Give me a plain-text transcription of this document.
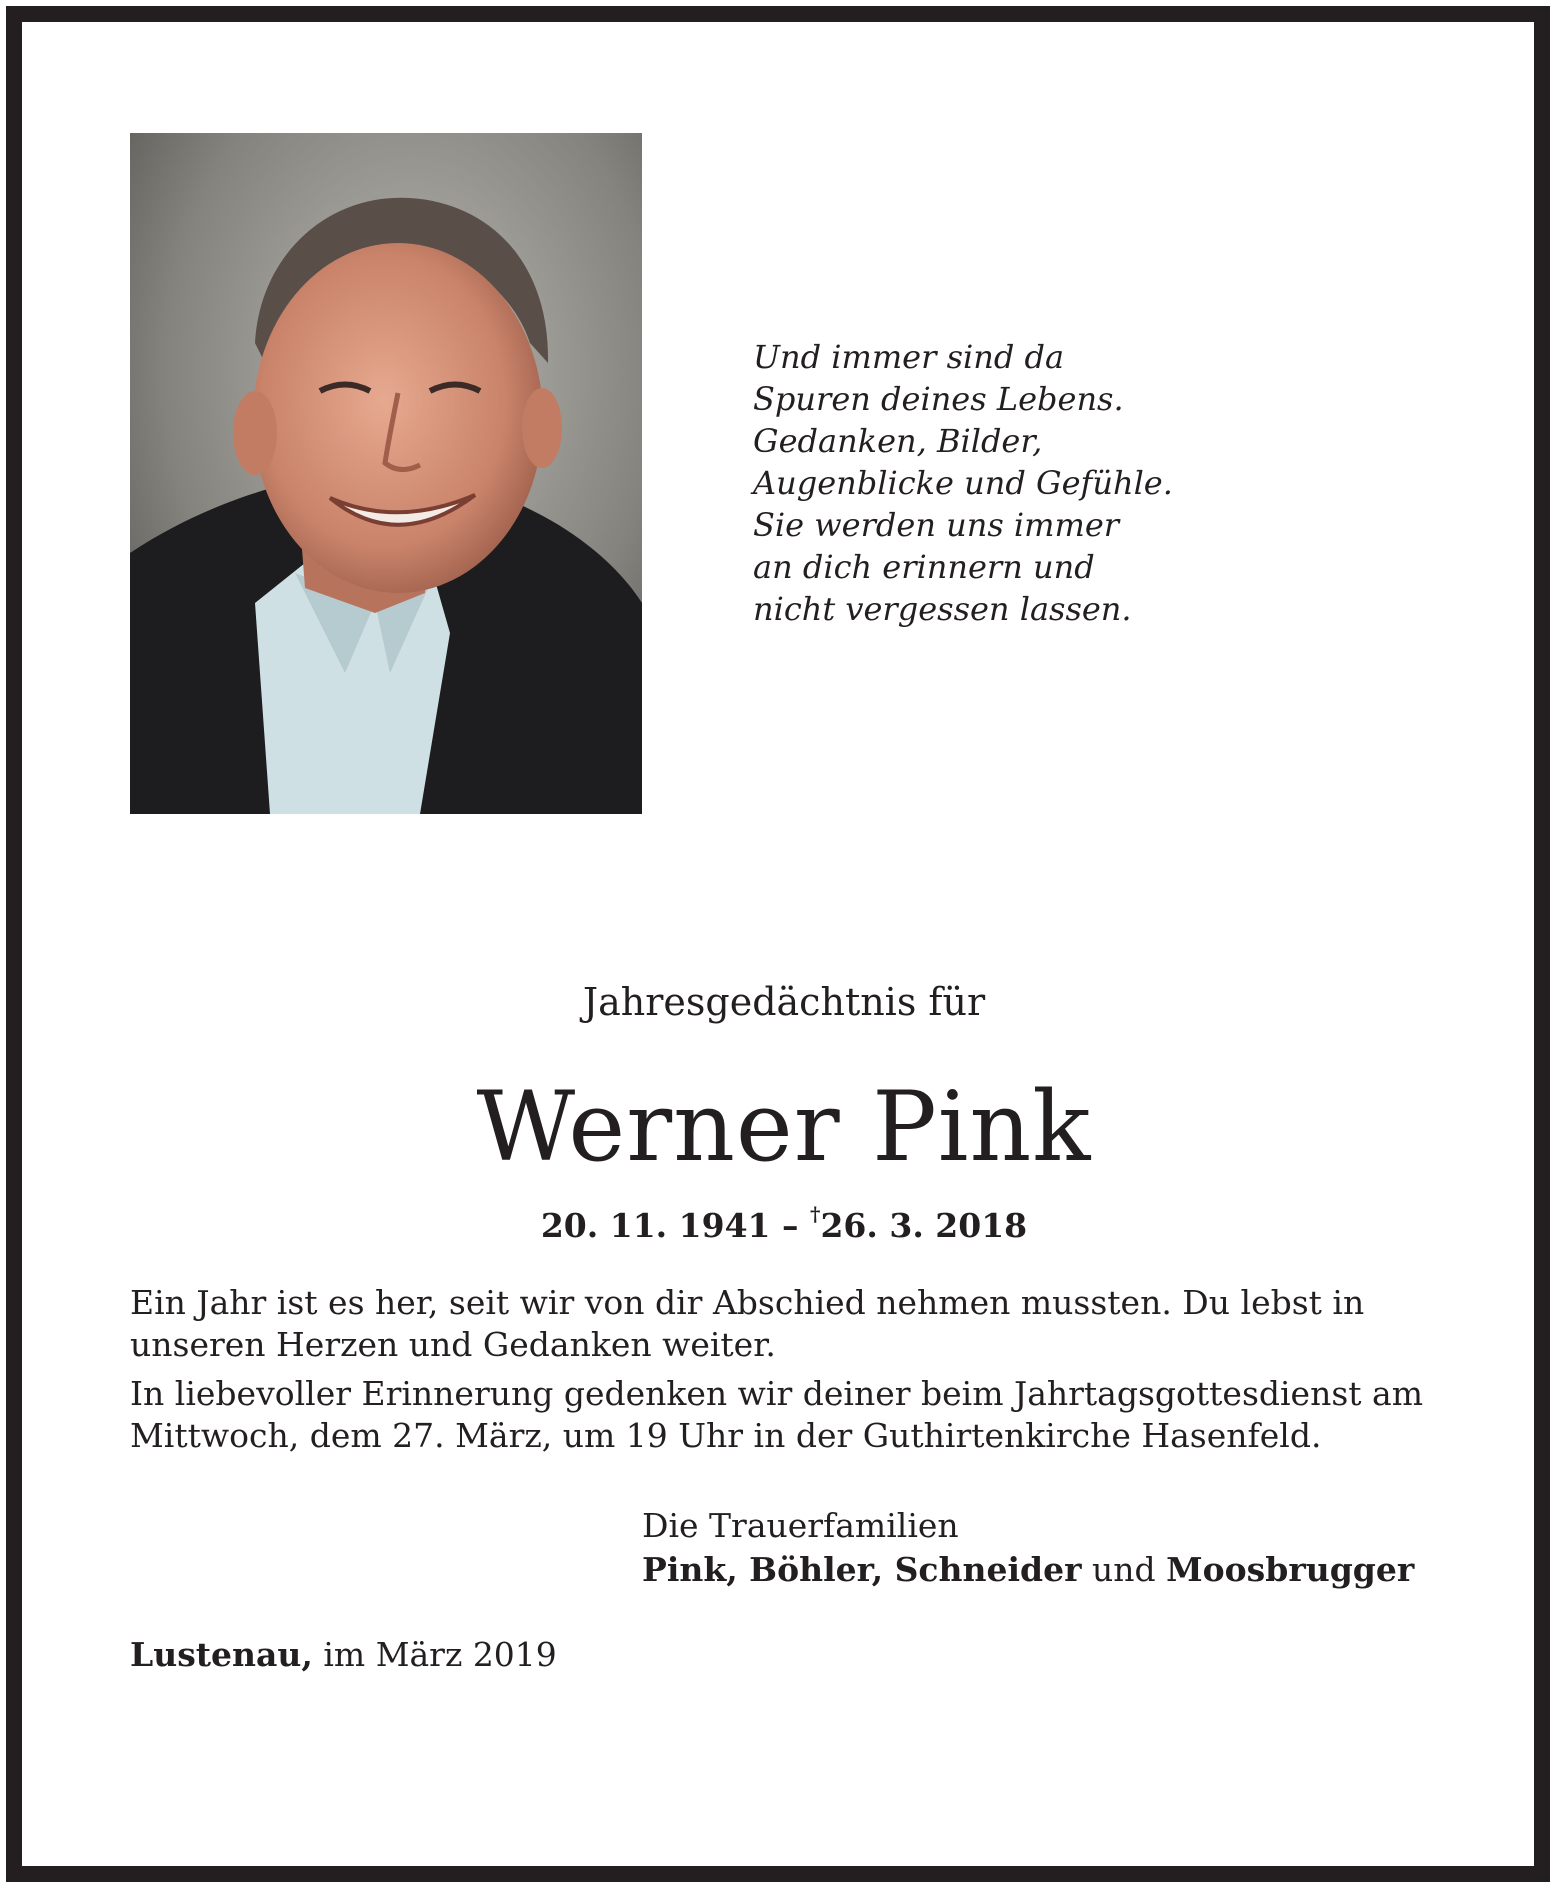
Und immer sind da
Spuren deines Lebens.
Gedanken, Bilder,
Augenblicke und Gefühle.
Sie werden uns immer
an dich erinnern und
nicht vergessen lassen.
Jahresgedächtnis für
Werner Pink
20. 11. 1941 – †26. 3. 2018

Ein Jahr ist es her, seit wir von dir Abschied nehmen mussten. Du lebst in unseren Herzen und Gedanken weiter.

In liebevoller Erinnerung gedenken wir deiner beim Jahrtagsgottesdienst am Mittwoch, dem 27. März, um 19 Uhr in der Guthirtenkirche Hasenfeld.

Die Trauerfamilien
Pink, Böhler, Schneider und Moosbrugger
Lustenau, im März 2019
